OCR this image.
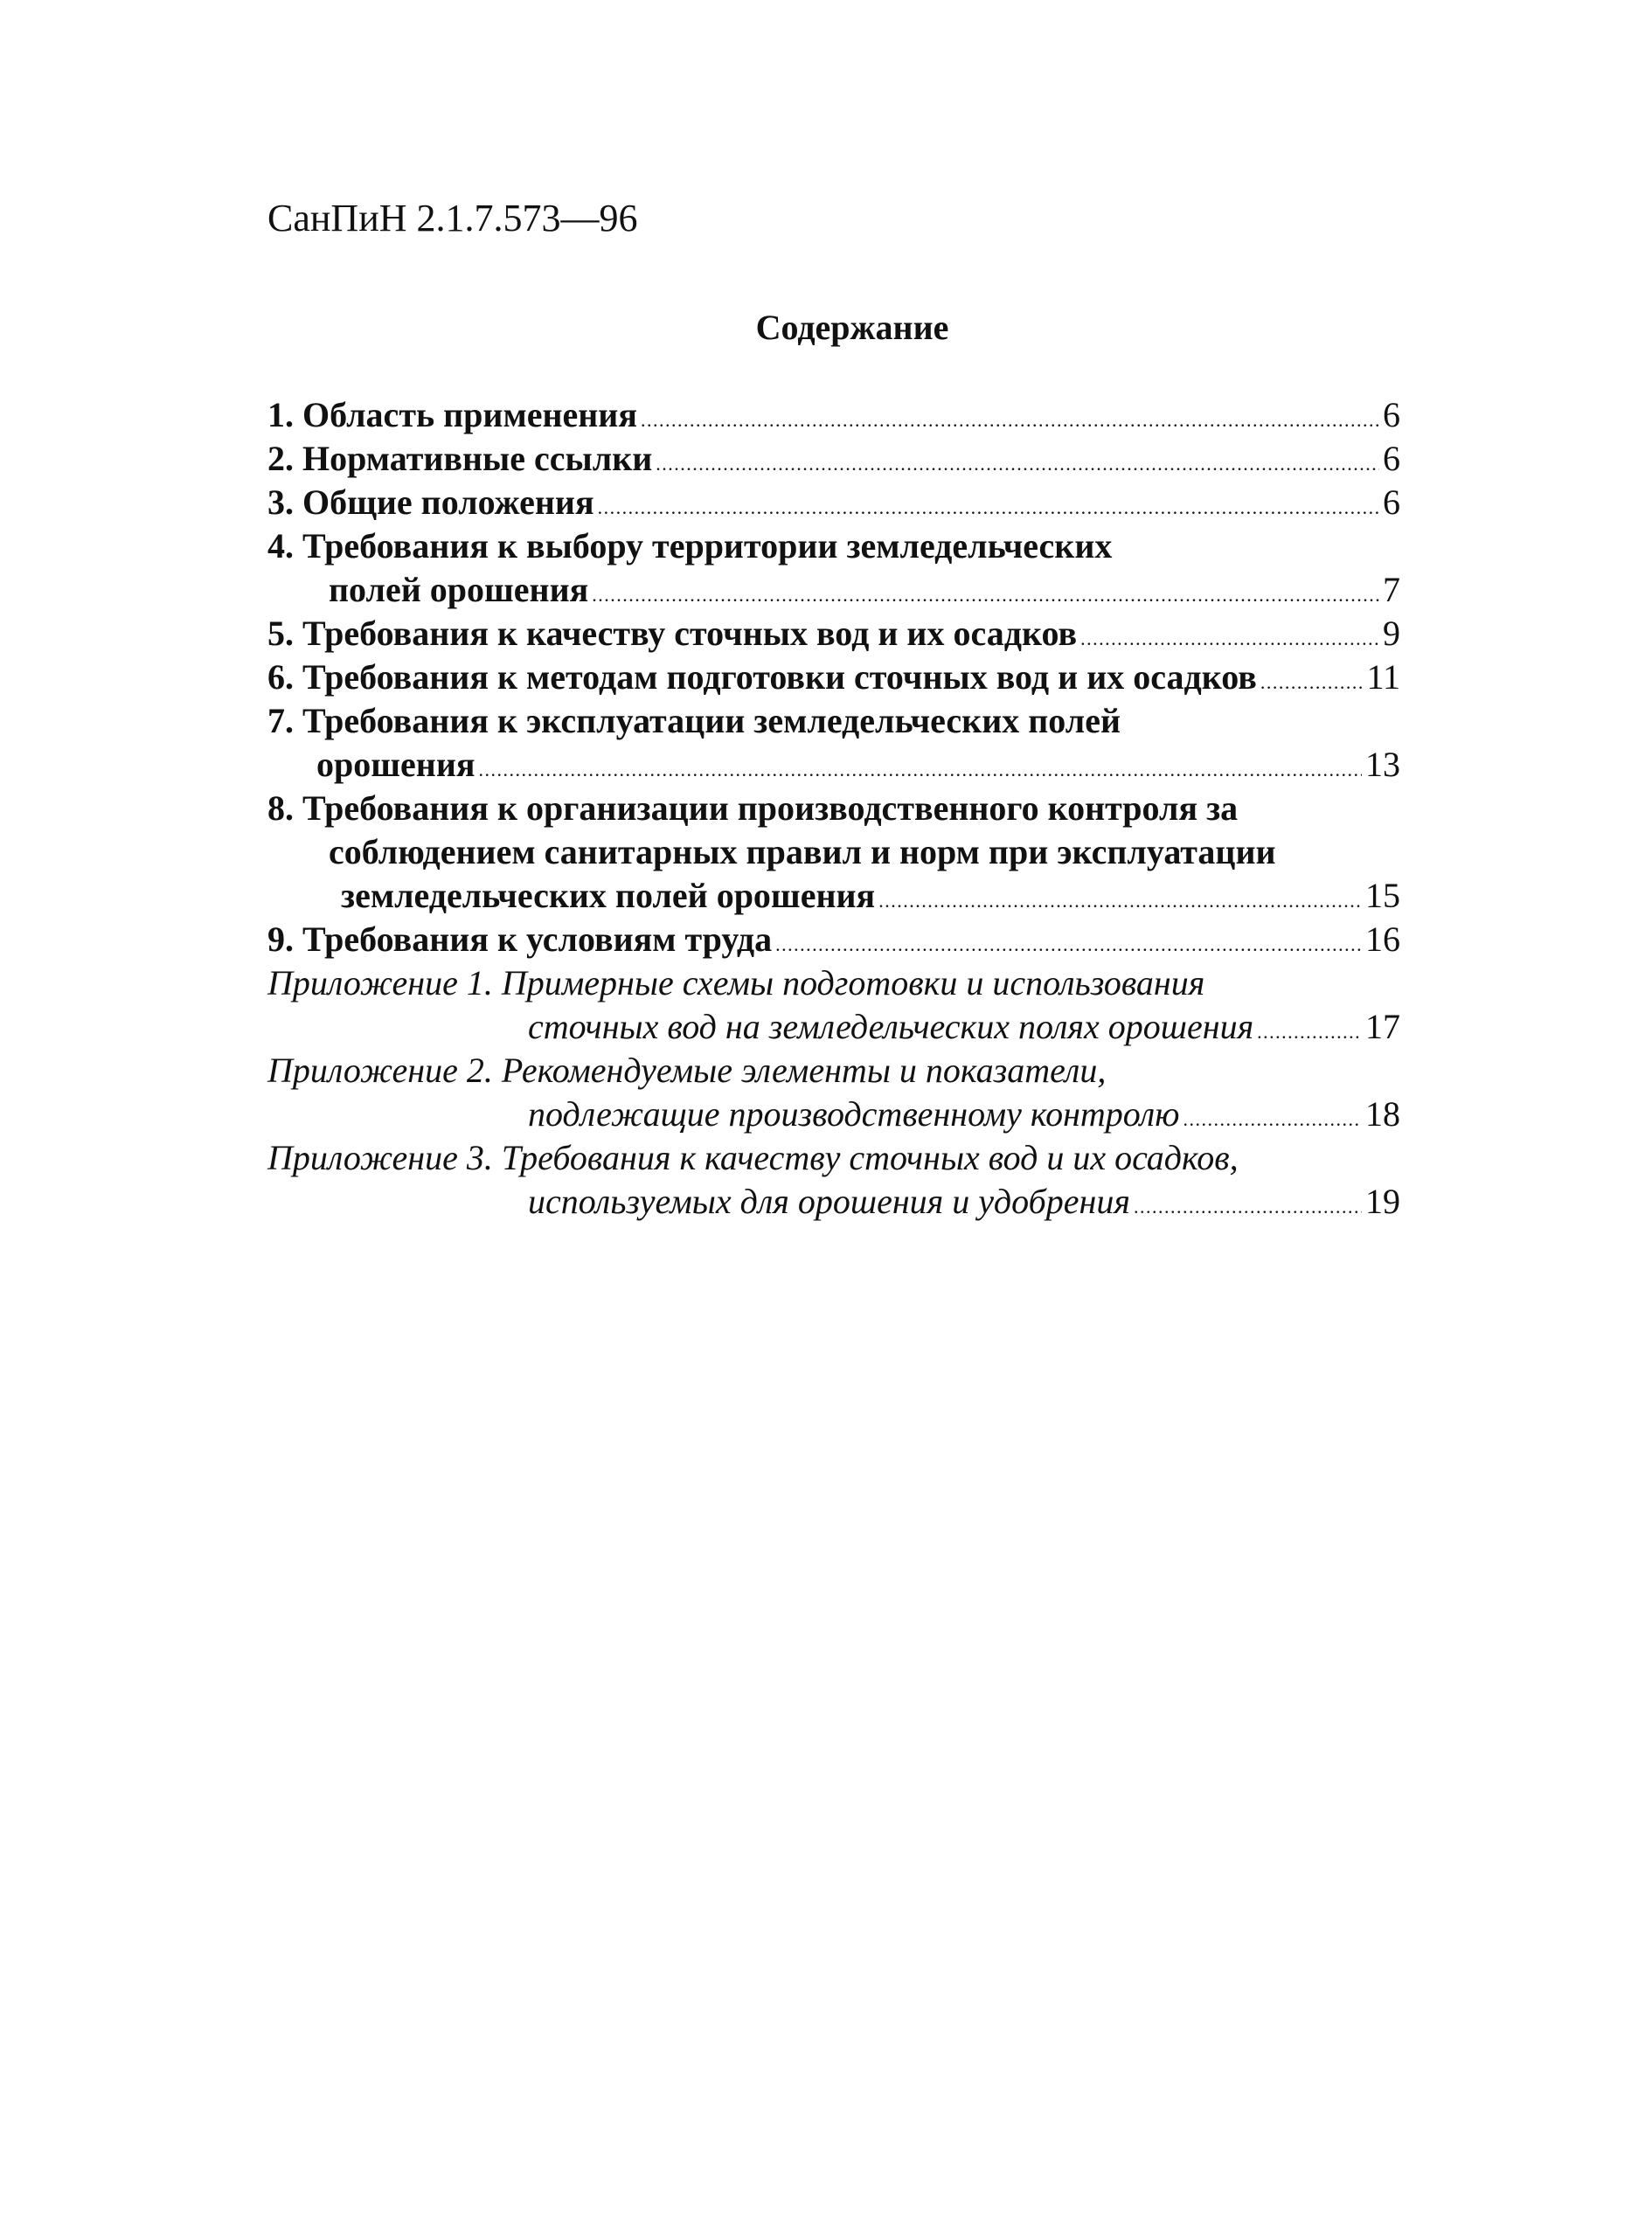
СанПиН 2.1.7.573—96
Содержание
1. Область применения . . .	6
2. Нормативные ссылки . . .	6
3. Общие положения . . .	6
4. Требования к выбору территории земледельческих
полей орошения . . .	7
5. Требования к качеству сточных вод и их осадков . . .	9
6. Требования к методам подготовки сточных вод и их осадков . . .	11
7. Требования к эксплуатации земледельческих полей
орошения . . .	13
8. Требования к организации производственного контроля за
соблюдением санитарных правил и норм при эксплуатации
земледельческих полей орошения . . .	15
9. Требования к условиям труда . . .	16
Приложение 1. Примерные схемы подготовки и использования
сточных вод на земледельческих полях орошения . . .	17
Приложение 2. Рекомендуемые элементы и показатели,
подлежащие производственному контролю . . .	18
Приложение 3. Требования к качеству сточных вод и их осадков,
используемых для орошения и удобрения . . .	19
